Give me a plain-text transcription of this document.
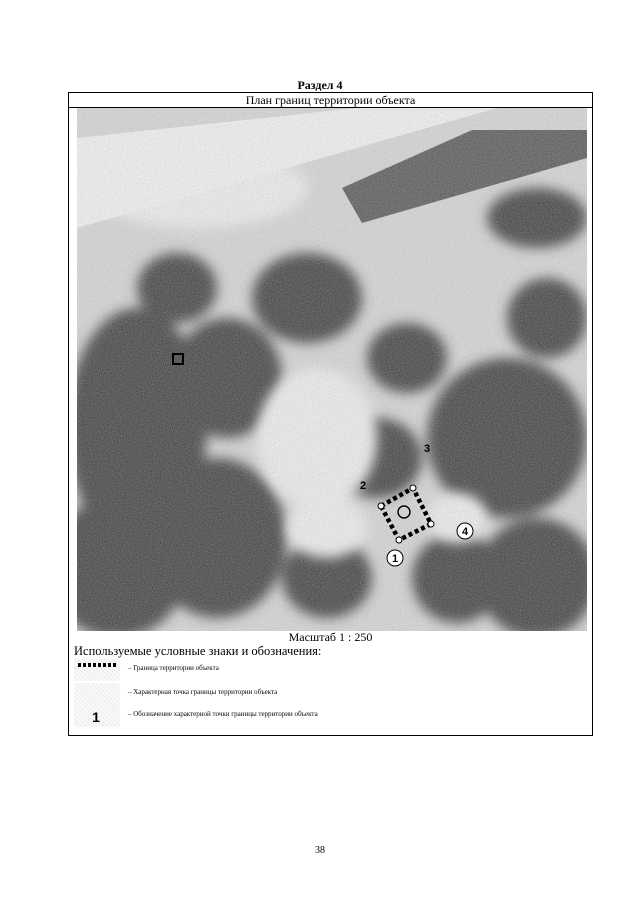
Раздел 4
План границ территории объекта
1
2
3
4
Масштаб 1 : 250
Используемые условные знаки и обозначения:
– Граница территории объекта
– Характерная точка границы территории объекта
1	– Обозначение характерной точки границы территории объекта
38
